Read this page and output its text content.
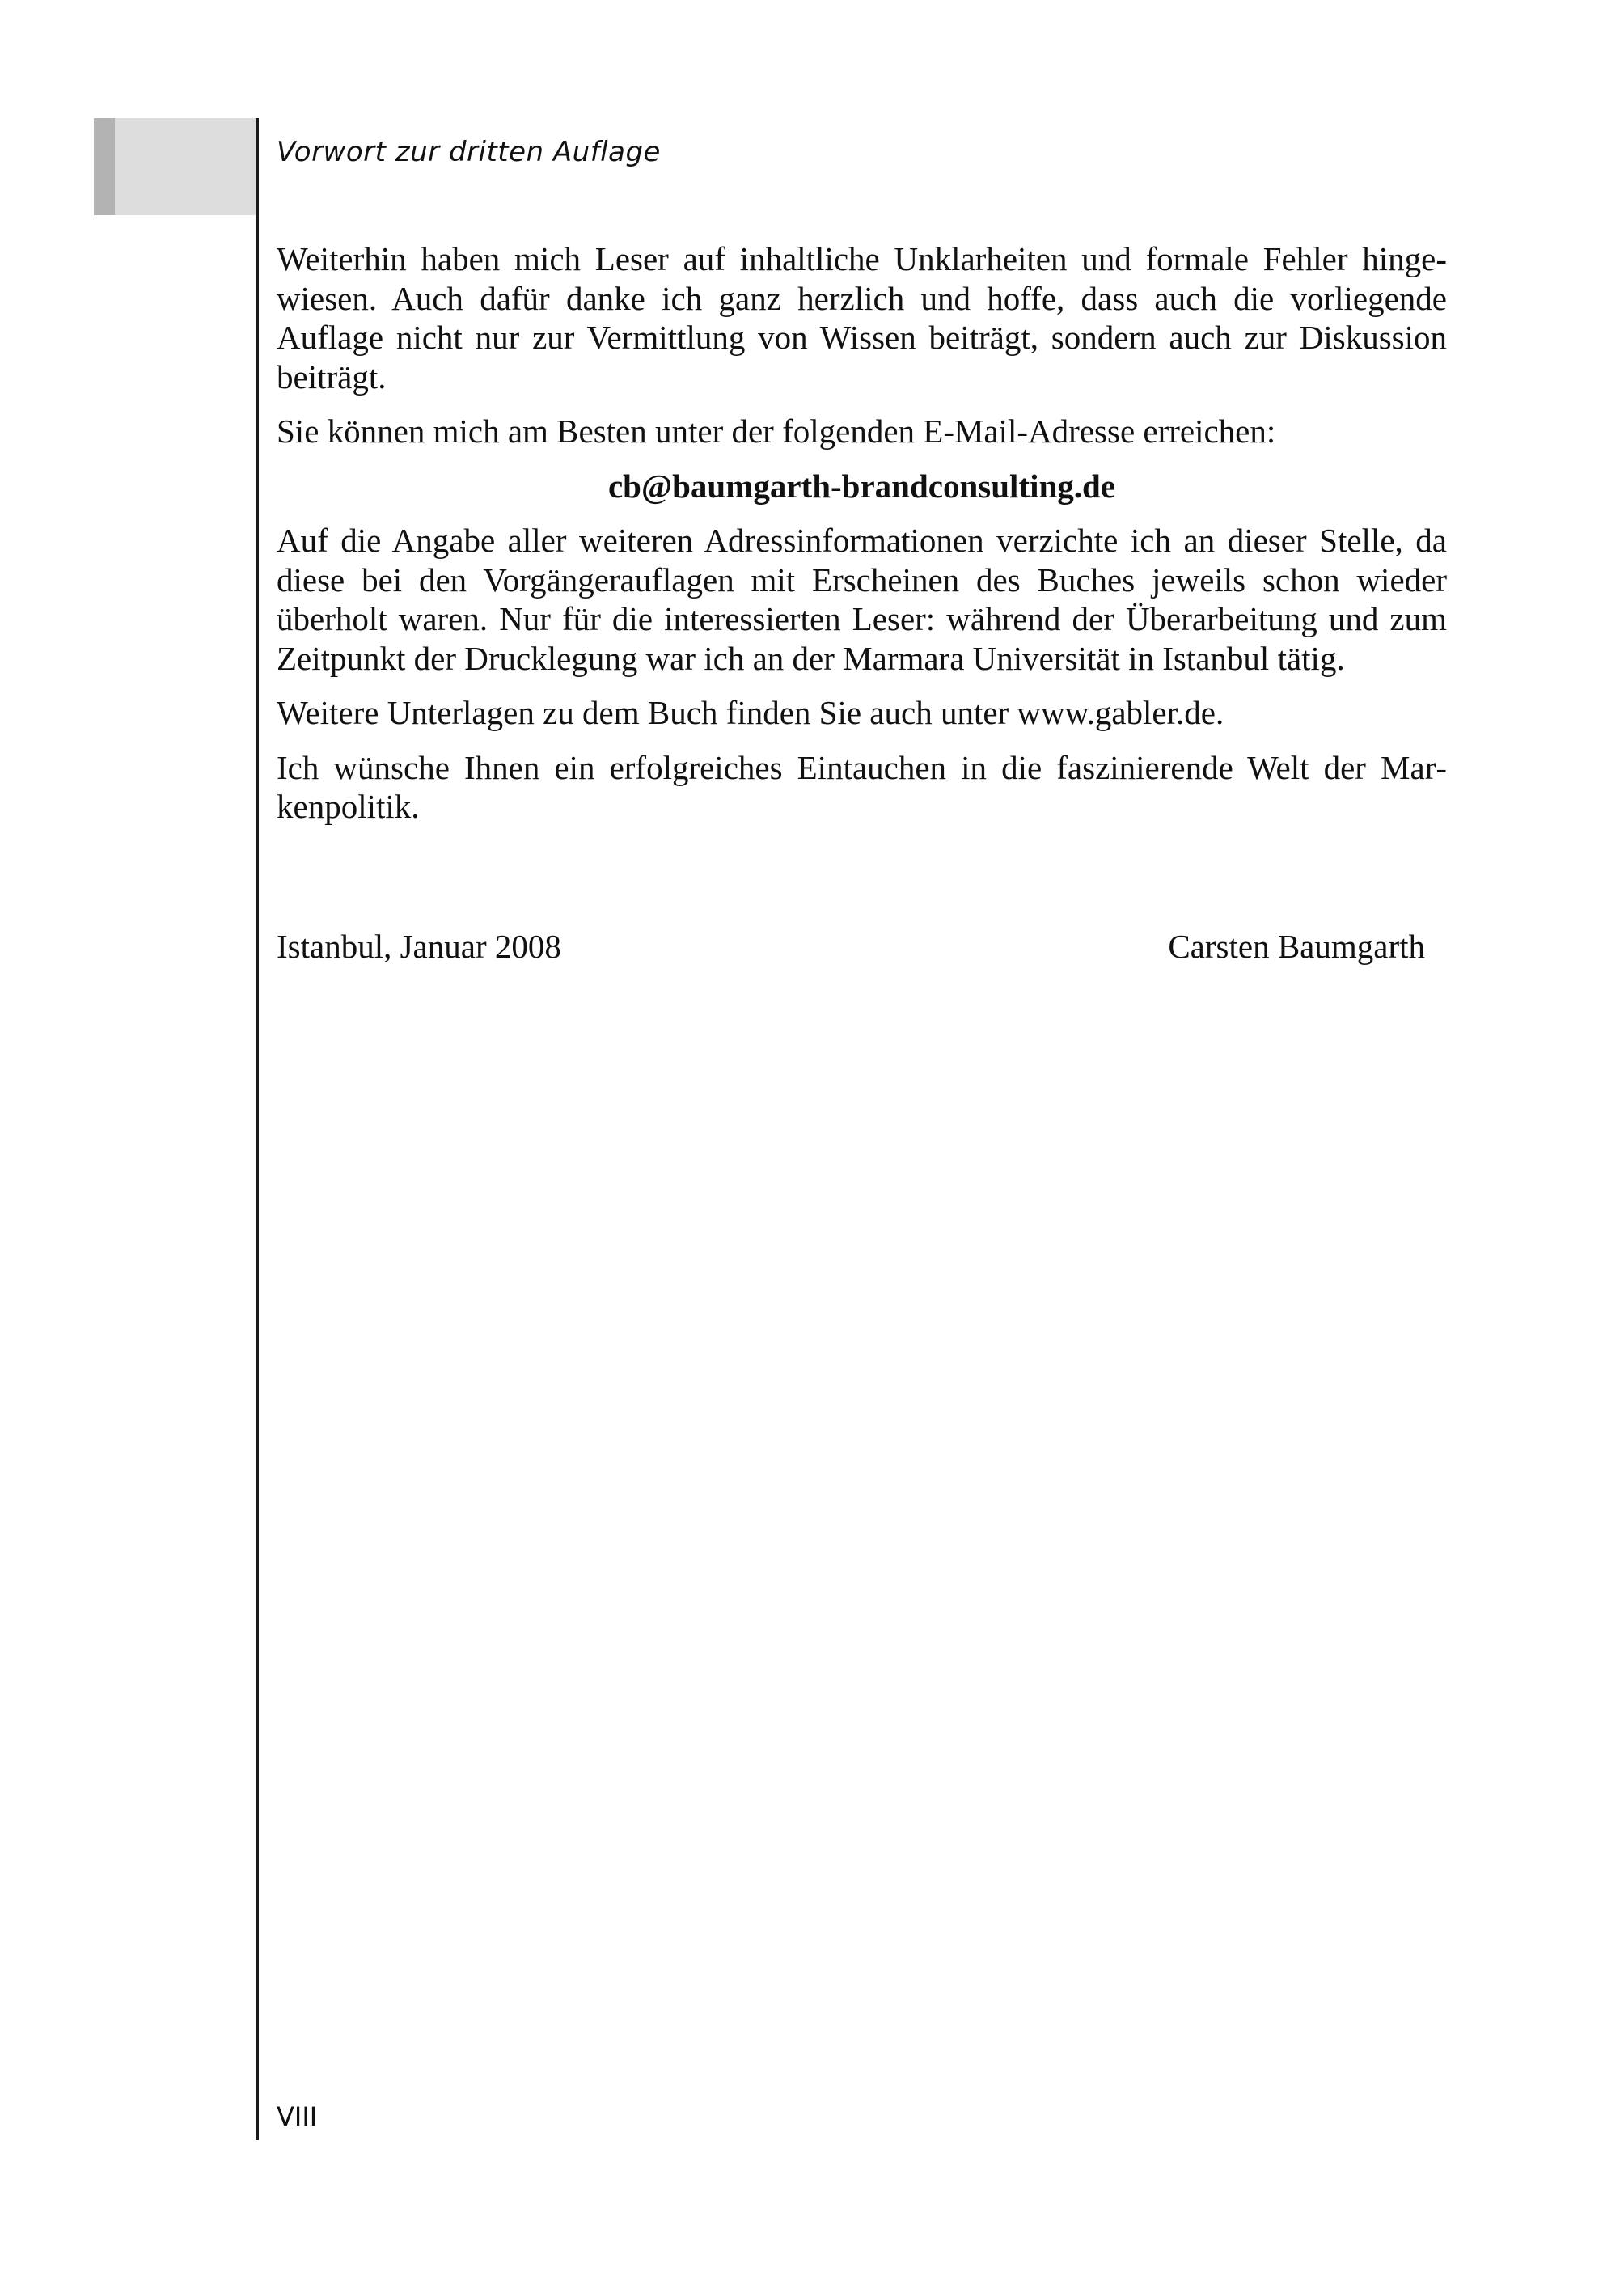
Vorwort zur dritten Auflage

Weiterhin haben mich Leser auf inhaltliche Unklarheiten und formale Fehler hingewiesen. Auch dafür danke ich ganz herzlich und hoffe, dass auch die vorliegende Auflage nicht nur zur Vermittlung von Wissen beiträgt, sondern auch zur Diskussion beiträgt.

Sie können mich am Besten unter der folgenden E-Mail-Adresse erreichen:

cb@baumgarth-brandconsulting.de

Auf die Angabe aller weiteren Adressinformationen verzichte ich an dieser Stelle, da diese bei den Vorgängerauflagen mit Erscheinen des Buches jeweils schon wieder überholt waren. Nur für die interessierten Leser: während der Überarbeitung und zum Zeitpunkt der Drucklegung war ich an der Marmara Universität in Istanbul tätig.

Weitere Unterlagen zu dem Buch finden Sie auch unter www.gabler.de.

Ich wünsche Ihnen ein erfolgreiches Eintauchen in die faszinierende Welt der Markenpolitik.

Istanbul, Januar 2008	Carsten Baumgarth
VIII
